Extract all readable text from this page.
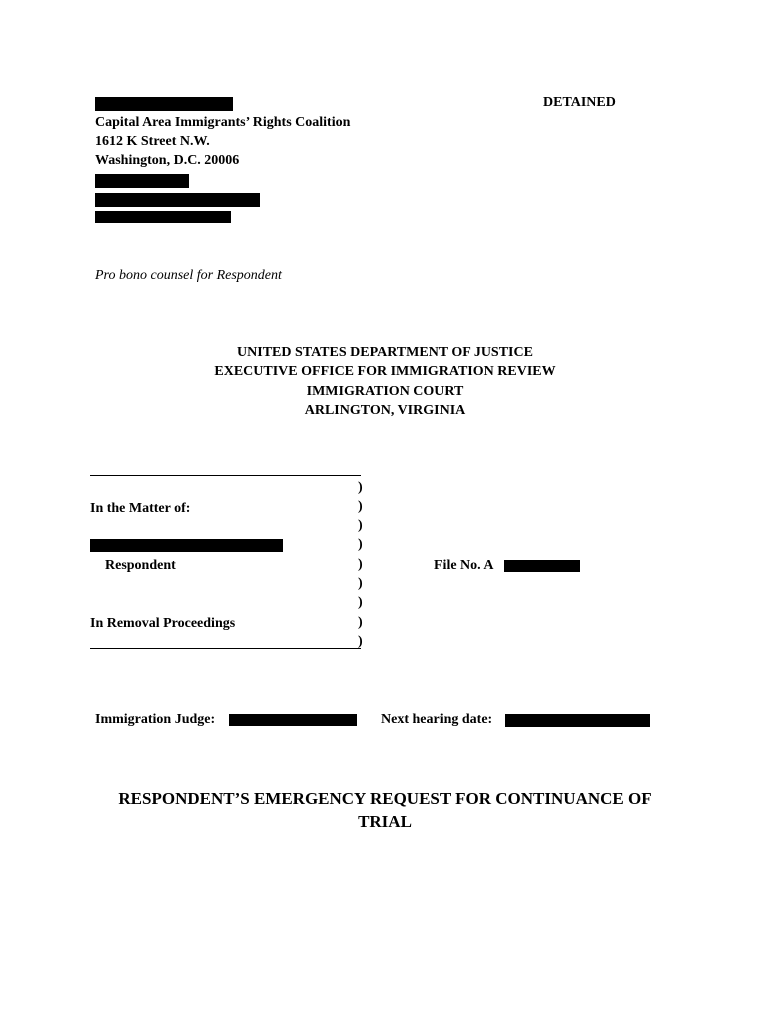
DETAINED
Capital Area Immigrants’ Rights Coalition
1612 K Street N.W.
Washington, D.C. 20006
Pro bono counsel for Respondent
UNITED STATES DEPARTMENT OF JUSTICE
EXECUTIVE OFFICE FOR IMMIGRATION REVIEW
IMMIGRATION COURT
ARLINGTON, VIRGINIA
)
)
)
)
)
)
)
)
)
In the Matter of:
Respondent
In Removal Proceedings
File No. A
Immigration Judge:	Next hearing date:
RESPONDENT’S EMERGENCY REQUEST FOR CONTINUANCE OF
TRIAL
